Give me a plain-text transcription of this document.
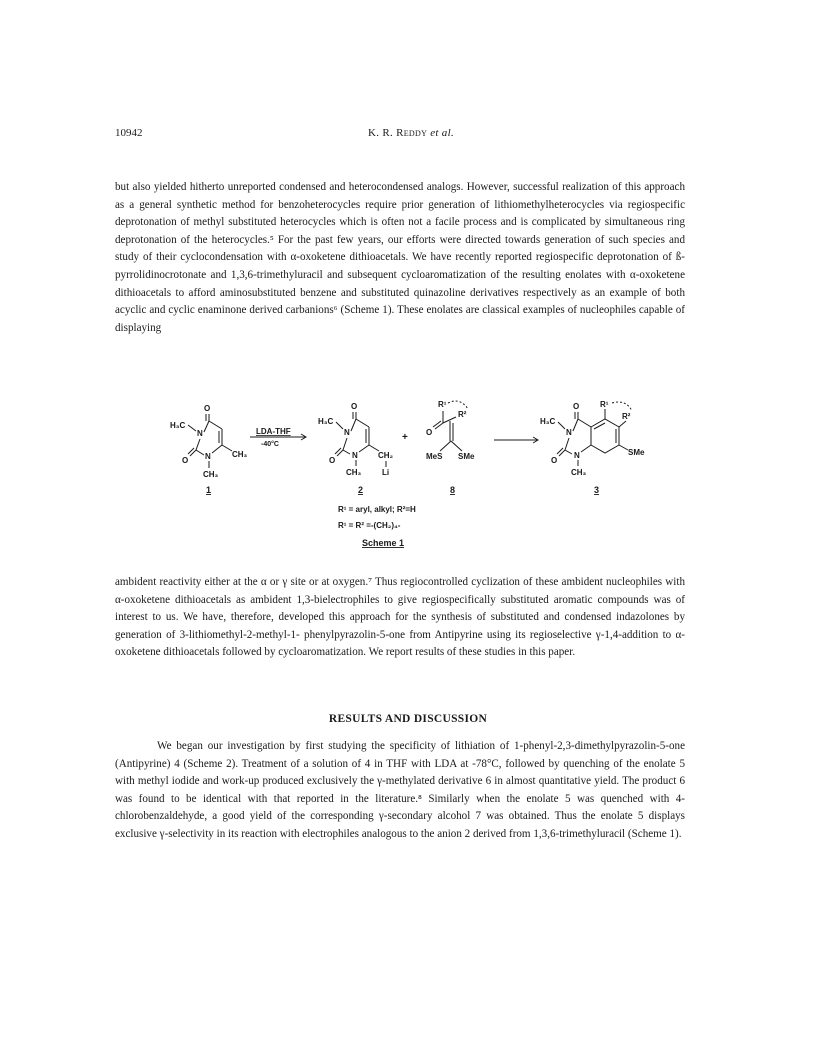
10942	K. R. Reddy et al.

but also yielded hitherto unreported condensed and heterocondensed analogs. However, successful realization of this approach as a general synthetic method for benzoheterocycles require prior generation of lithiomethylheterocycles via regiospecific deprotonation of methyl substituted heterocycles which is often not a facile process and is complicated by simultaneous ring deprotonation of the heterocycles.⁵ For the past few years, our efforts were directed towards generation of such species and study of their cyclocondensation with α-oxoketene dithioacetals. We have recently reported regiospecific deprotonation of ß-pyrrolidinocrotonate and 1,3,6-trimethyluracil and subsequent cycloaromatization of the resulting enolates with α-oxoketene dithioacetals to afford aminosubstituted benzene and substituted quinazoline derivatives respectively as an example of both acyclic and cyclic enaminone derived carbanions⁶ (Scheme 1). These enolates are classical examples of nucleophiles capable of displaying

H₃C
N
O
CH₃
N
O
CH₃
1
LDA-THF
-40°C
H₃C
N
O
CH₂
N
O
CH₃	Li
2
+
R¹
O
R²
MeS SMe
8
H₃C
N
O
N
O
CH₃
R¹
R²
SMe
3
R¹ = aryl, alkyl; R²=H
R¹ = R² =-(CH₂)₄-
Scheme 1

ambident reactivity either at the α or γ site or at oxygen.⁷ Thus regiocontrolled cyclization of these ambident nucleophiles with α-oxoketene dithioacetals as ambident 1,3-bielectrophiles to give regiospecifically substituted aromatic compounds was of interest to us. We have, therefore, developed this approach for the synthesis of substituted and condensed indazolones by generation of 3-lithiomethyl-2-methyl-1- phenylpyrazolin-5-one from Antipyrine using its regioselective γ-1,4-addition to α-oxoketene dithioacetals followed by cycloaromatization. We report results of these studies in this paper.

RESULTS AND DISCUSSION

We began our investigation by first studying the specificity of lithiation of 1-phenyl-2,3-dimethylpyrazolin-5-one (Antipyrine) 4 (Scheme 2). Treatment of a solution of 4 in THF with LDA at -78°C, followed by quenching of the enolate 5 with methyl iodide and work-up produced exclusively the γ-methylated derivative 6 in almost quantitative yield. The product 6 was found to be identical with that reported in the literature.⁸ Similarly when the enolate 5 was quenched with 4-chlorobenzaldehyde, a good yield of the corresponding γ-secondary alcohol 7 was obtained. Thus the enolate 5 displays exclusive γ-selectivity in its reaction with electrophiles analogous to the anion 2 derived from 1,3,6-trimethyluracil (Scheme 1).
